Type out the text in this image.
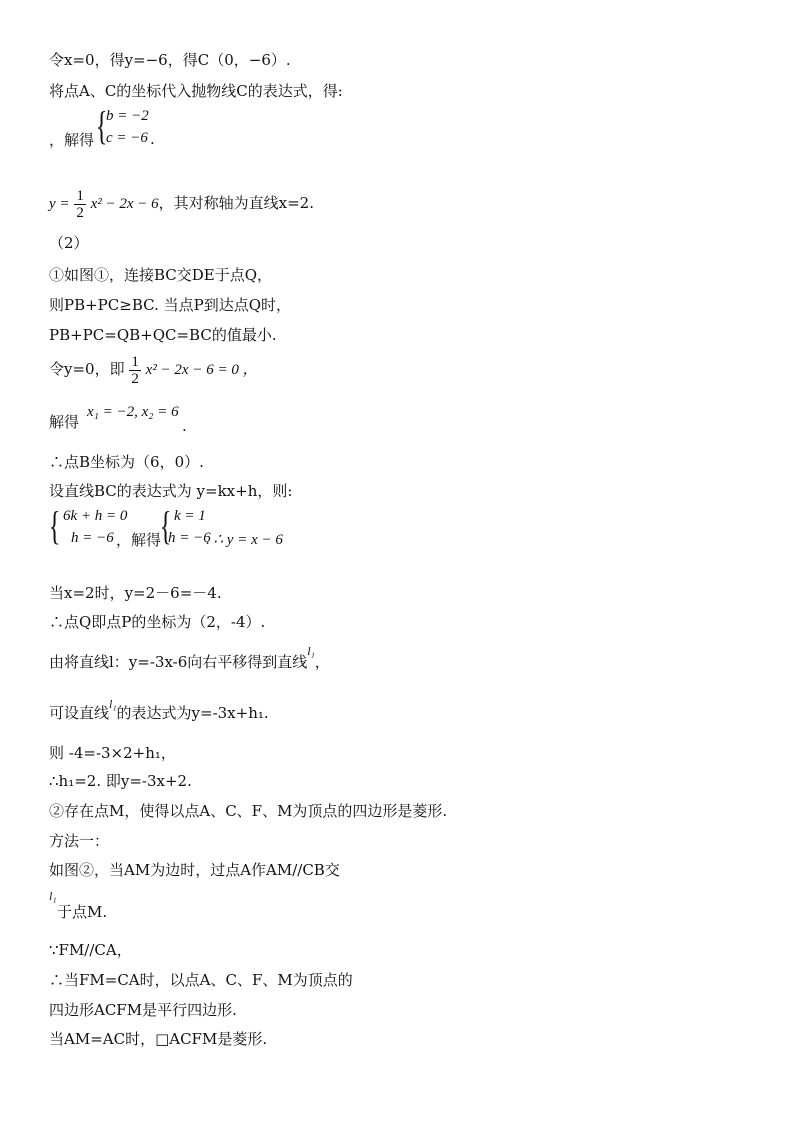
令x=0，得y=−6，得C（0，−6）.
将点A、C的坐标代入抛物线C的表达式，得:
，解得 {
b = −2
c = −6 .
$y = \frac{1}{2} x^2 - 2x - 6$，其对称轴为直线x=2.
（2）
①如图①，连接BC交DE于点Q，
则PB+PC≥BC. 当点P到达点Q时，
PB+PC=QB+QC=BC的值最小.
令y=0，即 $\frac{1}{2} x^2 - 2x - 6 = 0$ ，
解得
x₁ = −2, x₂ = 6
.
∴点B坐标为（6，0）.
设直线BC的表达式为 y=kx+h，则:
{ 6k + h = 0
h = −6 ，解得
{ k = 1
h = −6
. ∴ y = x − 6
当x=2时，y=2－6=－4.
∴点Q即点P的坐标为（2，-4）.
由将直线l：y=-3x-6向右平移得到直线$^{l_1}$，
可设直线$^{l_1}$的表达式为y=-3x+h₁.
则 -4=-3×2+h₁，
∴h₁=2. 即y=-3x+2.
②存在点M，使得以点A、C、F、M为顶点的四边形是菱形.
方法一：
如图②，当AM为边时，过点A作AM//CB交
l₁
于点M.
∵FM//CA，
∴当FM=CA时，以点A、C、F、M为顶点的
四边形ACFM是平行四边形.
当AM=AC时，□ACFM是菱形.
